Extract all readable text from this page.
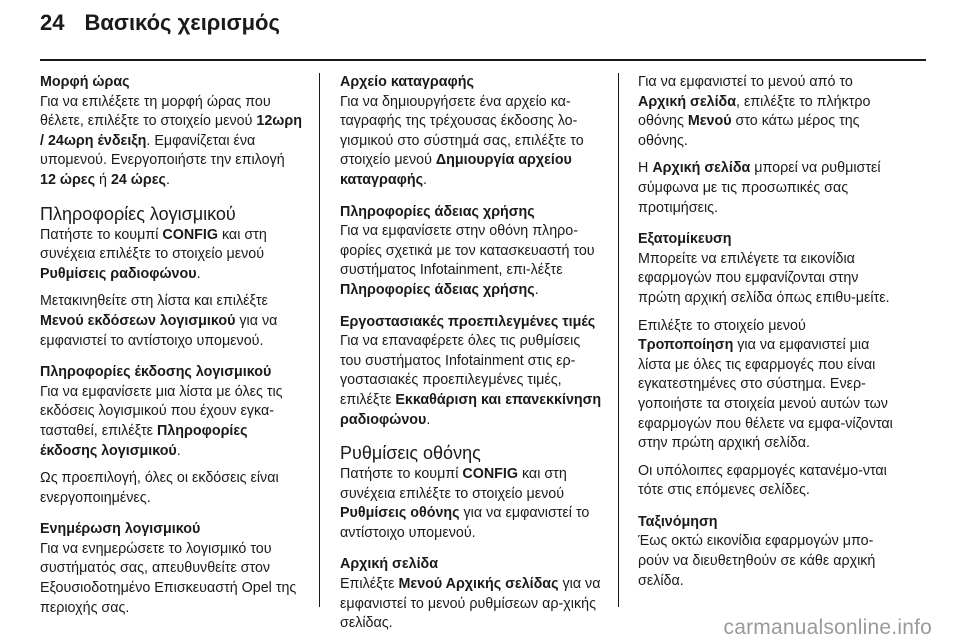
24 Βασικός χειρισμός
Μορφή ώρας

Για να επιλέξετε τη μορφή ώρας που θέλετε, επιλέξτε το στοιχείο μενού 12ωρη / 24ωρη ένδειξη. Εμφανίζεται ένα υπομενού. Ενεργοποιήστε την επιλογή 12 ώρες ή 24 ώρες.

Πληροφορίες λογισμικού

Πατήστε το κουμπί CONFIG και στη συνέχεια επιλέξτε το στοιχείο μενού Ρυθμίσεις ραδιοφώνου.

Μετακινηθείτε στη λίστα και επιλέξτε Μενού εκδόσεων λογισμικού για να εμφανιστεί το αντίστοιχο υπομενού.

Πληροφορίες έκδοσης λογισμικού

Για να εμφανίσετε μια λίστα με όλες τις εκδόσεις λογισμικού που έχουν εγκα-τασταθεί, επιλέξτε Πληροφορίες έκδοσης λογισμικού.

Ως προεπιλογή, όλες οι εκδόσεις είναι ενεργοποιημένες.

Ενημέρωση λογισμικού

Για να ενημερώσετε το λογισμικό του συστήματός σας, απευθυνθείτε στον Εξουσιοδοτημένο Επισκευαστή Opel της περιοχής σας.

Αρχείο καταγραφής

Για να δημιουργήσετε ένα αρχείο κα-ταγραφής της τρέχουσας έκδοσης λο-γισμικού στο σύστημά σας, επιλέξτε το στοιχείο μενού Δημιουργία αρχείου καταγραφής.

Πληροφορίες άδειας χρήσης

Για να εμφανίσετε στην οθόνη πληρο-φορίες σχετικά με τον κατασκευαστή του συστήματος Infotainment, επι-λέξτε Πληροφορίες άδειας χρήσης.

Εργοστασιακές προεπιλεγμένες τιμές

Για να επαναφέρετε όλες τις ρυθμίσεις του συστήματος Infotainment στις ερ-γοστασιακές προεπιλεγμένες τιμές, επιλέξτε Εκκαθάριση και επανεκκίνηση ραδιοφώνου.

Ρυθμίσεις οθόνης

Πατήστε το κουμπί CONFIG και στη συνέχεια επιλέξτε το στοιχείο μενού Ρυθμίσεις οθόνης για να εμφανιστεί το αντίστοιχο υπομενού.

Αρχική σελίδα

Επιλέξτε Μενού Αρχικής σελίδας για να εμφανιστεί το μενού ρυθμίσεων αρ-χικής σελίδας.

Για να εμφανιστεί το μενού από το Αρχική σελίδα, επιλέξτε το πλήκτρο οθόνης Μενού στο κάτω μέρος της οθόνης.

Η Αρχική σελίδα μπορεί να ρυθμιστεί σύμφωνα με τις προσωπικές σας προτιμήσεις.

Εξατομίκευση

Μπορείτε να επιλέγετε τα εικονίδια εφαρμογών που εμφανίζονται στην πρώτη αρχική σελίδα όπως επιθυ-μείτε.

Επιλέξτε το στοιχείο μενού Τροποποίηση για να εμφανιστεί μια λίστα με όλες τις εφαρμογές που είναι εγκατεστημένες στο σύστημα. Ενερ-γοποιήστε τα στοιχεία μενού αυτών των εφαρμογών που θέλετε να εμφα-νίζονται στην πρώτη αρχική σελίδα.

Οι υπόλοιπες εφαρμογές κατανέμο-νται τότε στις επόμενες σελίδες.

Ταξινόμηση

Έως οκτώ εικονίδια εφαρμογών μπο-ρούν να διευθετηθούν σε κάθε αρχική σελίδα.

carmanualsonline.info
